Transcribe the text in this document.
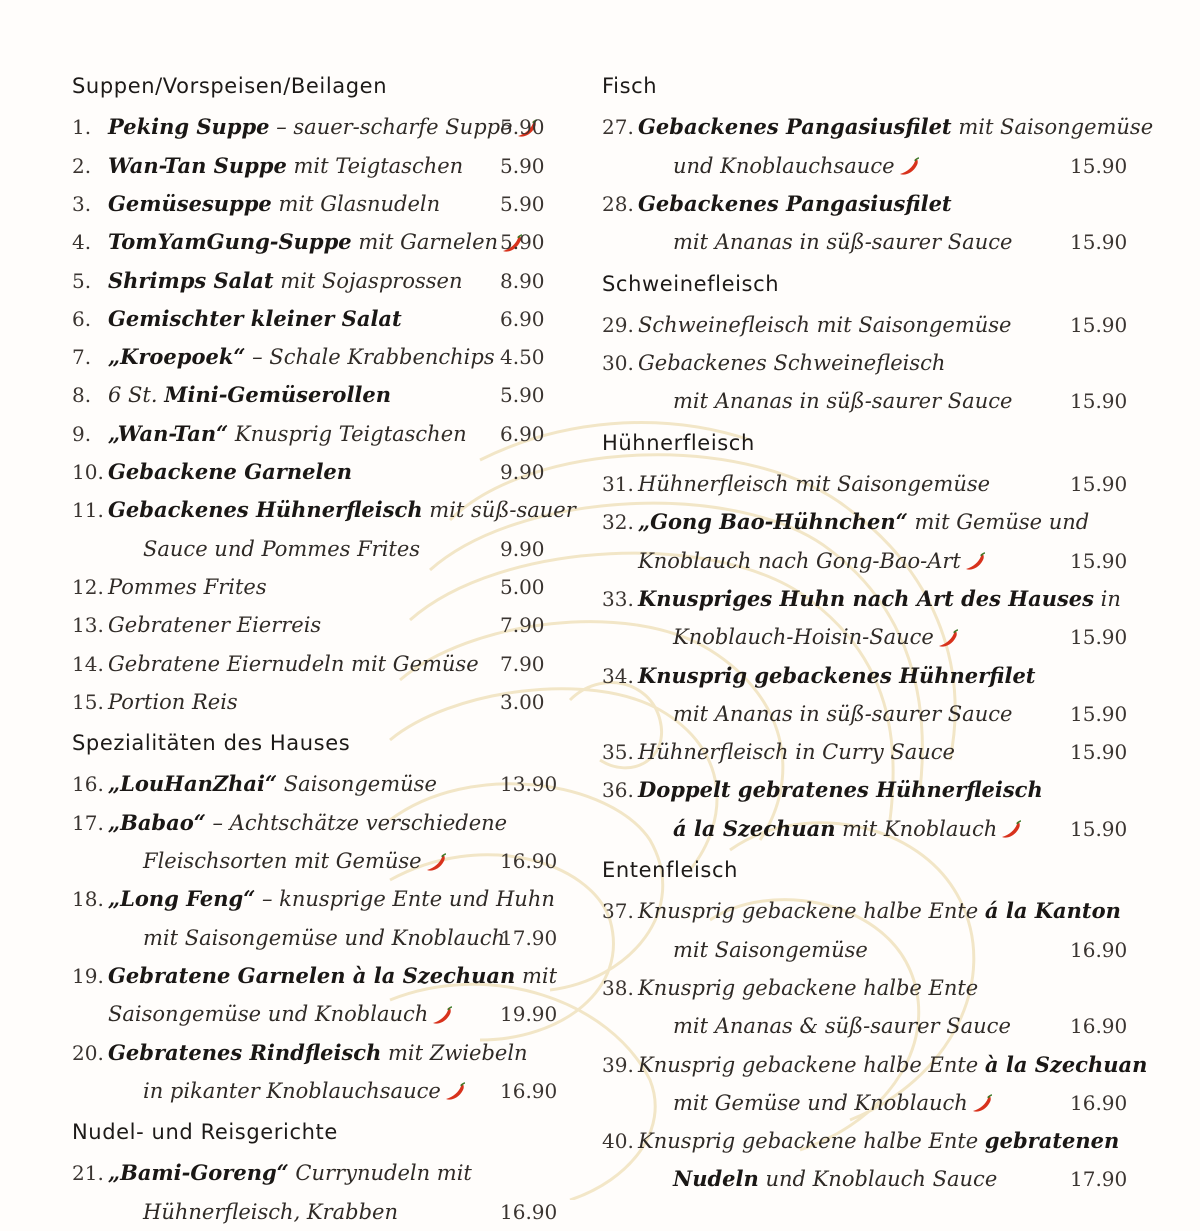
Suppen/Vorspeisen/Beilagen
1. Peking Suppe – sauer-scharfe Suppe
5.90
2. Wan-Tan Suppe mit Teigtaschen 5.90
3. Gemüsesuppe mit Glasnudeln	5.90
4. TomYamGung-Suppe mit Garnelen 5.90
5. Shrimps Salat mit Sojasprossen 8.90
6. Gemischter kleiner Salat	6.90
7. „Kroepoek“ – Schale Krabbenchips 4.50
8. 6 St. Mini-Gemüserollen	5.90
9. „Wan-Tan“ Knusprig Teigtaschen 6.90
10. Gebackene Garnelen	9.90
11. Gebackenes Hühnerfleisch mit süß-sauer
Sauce und Pommes Frites	9.90
12. Pommes Frites	5.00
13. Gebratener Eierreis	7.90
14. Gebratene Eiernudeln mit Gemüse 7.90
15. Portion Reis	3.00
Spezialitäten des Hauses
16. „LouHanZhai“ Saisongemüse	13.90
17. „Babao“ – Achtschätze verschiedene
Fleischsorten mit Gemüse	16.90
18. „Long Feng“ – knusprige Ente und Huhn
mit Saisongemüse und Knoblauch
17.90
19. Gebratene Garnelen à la Szechuan mit
Saisongemüse und Knoblauch	19.90
20. Gebratenes Rindfleisch mit Zwiebeln
in pikanter Knoblauchsauce	16.90
Nudel- und Reisgerichte
21. „Bami-Goreng“ Currynudeln mit
Hühnerfleisch, Krabben	16.90
Fisch
27. Gebackenes Pangasiusfilet mit Saisongemüse
und Knoblauchsauce	15.90
28. Gebackenes Pangasiusfilet
mit Ananas in süß-saurer Sauce	15.90
Schweinefleisch
29. Schweinefleisch mit Saisongemüse	15.90
30. Gebackenes Schweinefleisch
mit Ananas in süß-saurer Sauce	15.90
Hühnerfleisch
31. Hühnerfleisch mit Saisongemüse	15.90
32. „Gong Bao-Hühnchen“ mit Gemüse und
Knoblauch nach Gong-Bao-Art	15.90
33. Knuspriges Huhn nach Art des Hauses in
Knoblauch-Hoisin-Sauce	15.90
34. Knusprig gebackenes Hühnerfilet
mit Ananas in süß-saurer Sauce	15.90
35. Hühnerfleisch in Curry Sauce	15.90
36. Doppelt gebratenes Hühnerfleisch
á la Szechuan mit Knoblauch	15.90
Entenfleisch
37. Knusprig gebackene halbe Ente á la Kanton
mit Saisongemüse	16.90
38. Knusprig gebackene halbe Ente
mit Ananas & süß-saurer Sauce	16.90
39. Knusprig gebackene halbe Ente à la Szechuan
mit Gemüse und Knoblauch	16.90
40. Knusprig gebackene halbe Ente gebratenen
Nudeln und Knoblauch Sauce	17.90
